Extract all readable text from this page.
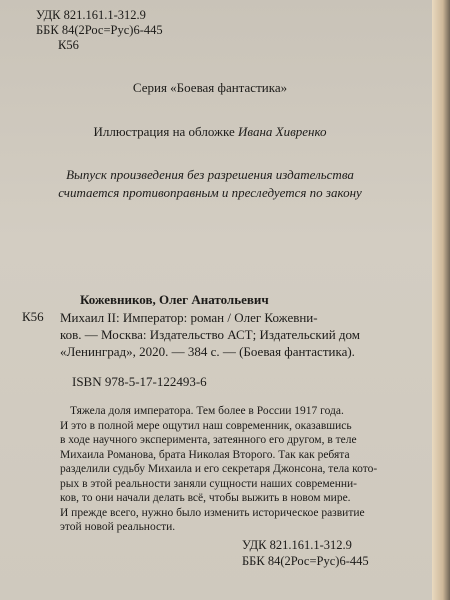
УДК 821.161.1-312.9
ББК 84(2Рос=Рус)6-445
К56
Серия «Боевая фантастика»
Иллюстрация на обложке Ивана Хивренко
Выпуск произведения без разрешения издательства
считается противоправным и преследуется по закону
Кожевников, Олег Анатольевич
К56 Михаил II: Император: роман / Олег Кожевни-
ков. — Москва: Издательство АСТ; Издательский дом
«Ленинград», 2020. — 384 с. — (Боевая фантастика).
ISBN 978-5-17-122493-6
Тяжела доля императора. Тем более в России 1917 года.
И это в полной мере ощутил наш современник, оказавшись
в ходе научного эксперимента, затеянного его другом, в теле
Михаила Романова, брата Николая Второго. Так как ребята
разделили судьбу Михаила и его секретаря Джонсона, тела кото-
рых в этой реальности заняли сущности наших современни-
ков, то они начали делать всё, чтобы выжить в новом мире.
И прежде всего, нужно было изменить историческое развитие
этой новой реальности.
УДК 821.161.1-312.9
ББК 84(2Рос=Рус)6-445
